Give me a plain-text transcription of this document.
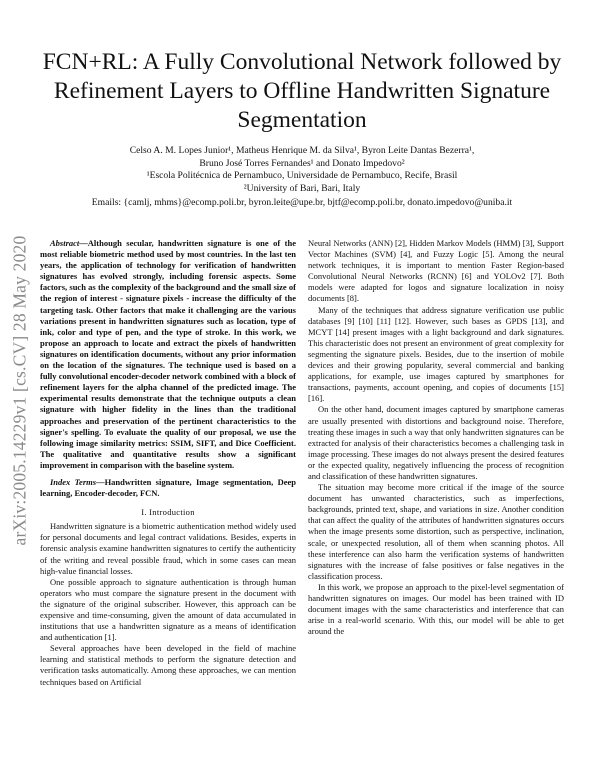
arXiv:2005.14229v1 [cs.CV] 28 May 2020
FCN+RL: A Fully Convolutional Network followed by Refinement Layers to Offline Handwritten Signature Segmentation

Celso A. M. Lopes Junior¹, Matheus Henrique M. da Silva¹, Byron Leite Dantas Bezerra¹,

Bruno José Torres Fernandes¹ and Donato Impedovo²

¹Escola Politécnica de Pernambuco, Universidade de Pernambuco, Recife, Brasil

²University of Bari, Bari, Italy

Emails: {camlj, mhms}@ecomp.poli.br, byron.leite@upe.br, bjtf@ecomp.poli.br, donato.impedovo@uniba.it

Abstract—Although secular, handwritten signature is one of the most reliable biometric method used by most countries. In the last ten years, the application of technology for verification of handwritten signatures has evolved strongly, including forensic aspects. Some factors, such as the complexity of the background and the small size of the region of interest - signature pixels - increase the difficulty of the targeting task. Other factors that make it challenging are the various variations present in handwritten signatures such as location, type of ink, color and type of pen, and the type of stroke. In this work, we propose an approach to locate and extract the pixels of handwritten signatures on identification documents, without any prior information on the location of the signatures. The technique used is based on a fully convolutional encoder-decoder network combined with a block of refinement layers for the alpha channel of the predicted image. The experimental results demonstrate that the technique outputs a clean signature with higher fidelity in the lines than the traditional approaches and preservation of the pertinent characteristics to the signer's spelling. To evaluate the quality of our proposal, we use the following image similarity metrics: SSIM, SIFT, and Dice Coefficient. The qualitative and quantitative results show a significant improvement in comparison with the baseline system.

Index Terms—Handwritten signature, Image segmentation, Deep learning, Encoder-decoder, FCN.

I. Introduction

Handwritten signature is a biometric authentication method widely used for personal documents and legal contract validations. Besides, experts in forensic analysis examine handwritten signatures to certify the authenticity of the writing and reveal possible fraud, which in some cases can mean high-value financial losses.

One possible approach to signature authentication is through human operators who must compare the signature present in the document with the signature of the original subscriber. However, this approach can be expensive and time-consuming, given the amount of data accumulated in institutions that use a handwritten signature as a means of identification and authentication [1].

Several approaches have been developed in the field of machine learning and statistical methods to perform the signature detection and verification tasks automatically. Among these approaches, we can mention techniques based on Artificial

Neural Networks (ANN) [2], Hidden Markov Models (HMM) [3], Support Vector Machines (SVM) [4], and Fuzzy Logic [5]. Among the neural network techniques, it is important to mention Faster Region-based Convolutional Neural Networks (RCNN) [6] and YOLOv2 [7]. Both models were adapted for logos and signature localization in noisy documents [8].

Many of the techniques that address signature verification use public databases [9] [10] [11] [12]. However, such bases as GPDS [13], and MCYT [14] present images with a light background and dark signatures. This characteristic does not present an environment of great complexity for segmenting the signature pixels. Besides, due to the insertion of mobile devices and their growing popularity, several commercial and banking applications, for example, use images captured by smartphones for transactions, payments, account opening, and copies of documents [15] [16].

On the other hand, document images captured by smartphone cameras are usually presented with distortions and background noise. Therefore, treating these images in such a way that only handwritten signatures can be extracted for analysis of their characteristics becomes a challenging task in image processing. These images do not always present the desired features or the expected quality, negatively influencing the process of recognition and classification of these handwritten signatures.

The situation may become more critical if the image of the source document has unwanted characteristics, such as imperfections, backgrounds, printed text, shape, and variations in size. Another condition that can affect the quality of the attributes of handwritten signatures occurs when the image presents some distortion, such as perspective, inclination, scale, or unexpected resolution, all of them when scanning photos. All these interference can also harm the verification systems of handwritten signatures with the increase of false positives or false negatives in the classification process.

In this work, we propose an approach to the pixel-level segmentation of handwritten signatures on images. Our model has been trained with ID document images with the same characteristics and interference that can arise in a real-world scenario. With this, our model will be able to get around the
